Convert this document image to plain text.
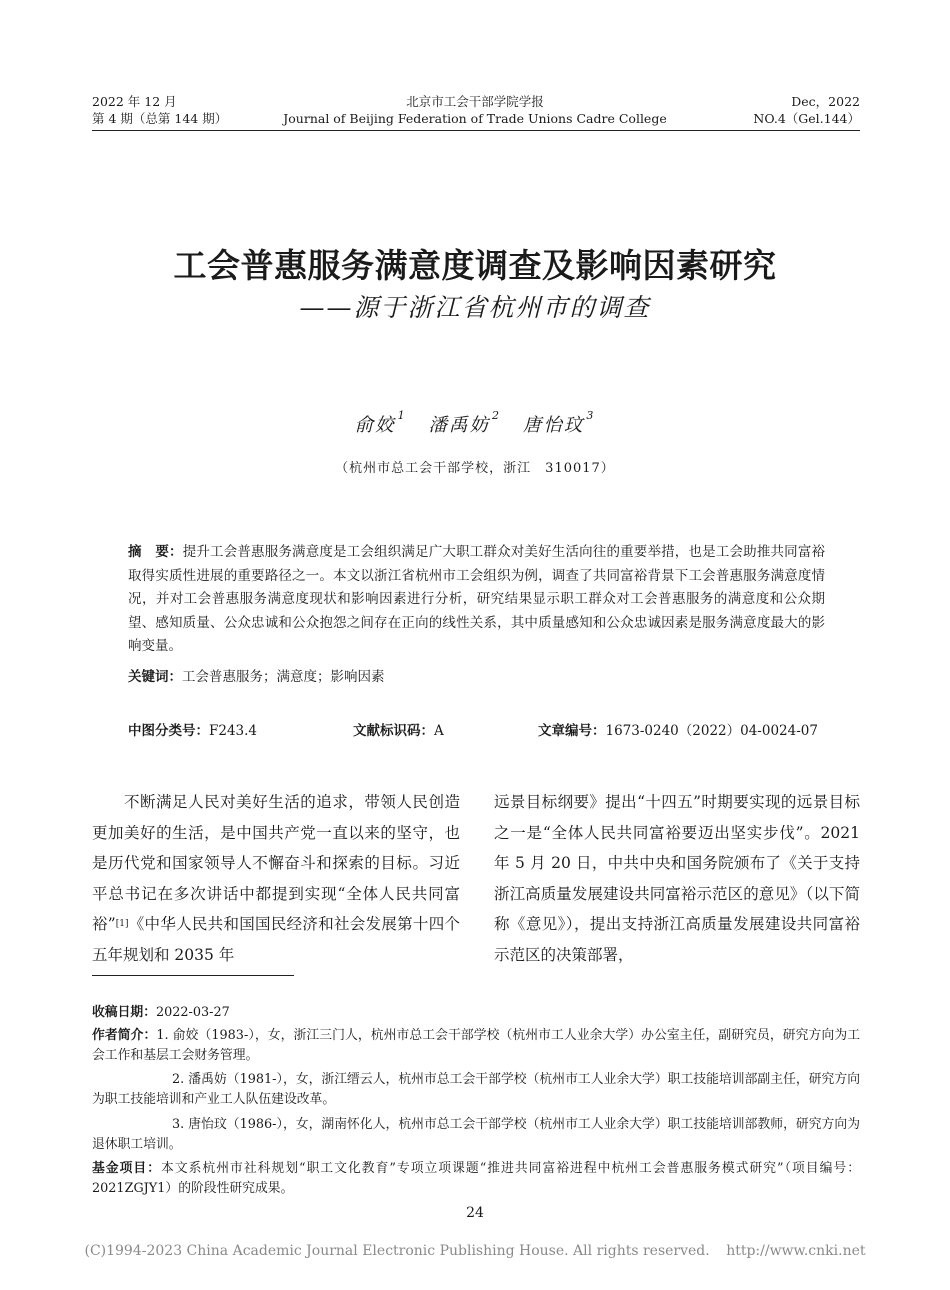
2022 年 12 月
第 4 期（总第 144 期）
北京市工会干部学院学报
Journal of Beijing Federation of Trade Unions Cadre College
Dec，2022
NO.4（Gel.144）
工会普惠服务满意度调查及影响因素研究
——源于浙江省杭州市的调查
俞姣 $^1$ 潘禹妨 $^2$ 唐怡玟 $^3$
（杭州市总工会干部学校，浙江　310017）
摘　要：提升工会普惠服务满意度是工会组织满足广大职工群众对美好生活向往的重要举措，也是工会助推共同富裕取得实质性进展的重要路径之一。本文以浙江省杭州市工会组织为例，调查了共同富裕背景下工会普惠服务满意度情况，并对工会普惠服务满意度现状和影响因素进行分析，研究结果显示职工群众对工会普惠服务的满意度和公众期望、感知质量、公众忠诚和公众抱怨之间存在正向的线性关系，其中质量感知和公众忠诚因素是服务满意度最大的影响变量。
关键词：工会普惠服务；满意度；影响因素
中图分类号：F243.4	文献标识码：A	文章编号：1673-0240（2022）04-0024-07
不断满足人民对美好生活的追求，带领人民创造更加美好的生活，是中国共产党一直以来的坚守，也是历代党和国家领导人不懈奋斗和探索的目标。习近平总书记在多次讲话中都提到实现“全体人民共同富裕”[1]《中华人民共和国国民经济和社会发展第十四个五年规划和 2035 年
远景目标纲要》提出“十四五”时期要实现的远景目标之一是“全体人民共同富裕要迈出坚实步伐”。2021 年 5 月 20 日，中共中央和国务院颁布了《关于支持浙江高质量发展建设共同富裕示范区的意见》（以下简称《意见》），提出支持浙江高质量发展建设共同富裕示范区的决策部署，
收稿日期：2022-03-27
作者简介：1. 俞姣（1983-），女，浙江三门人，杭州市总工会干部学校（杭州市工人业余大学）办公室主任，副研究员，研究方向为工会工作和基层工会财务管理。
2. 潘禹妨（1981-），女，浙江缙云人，杭州市总工会干部学校（杭州市工人业余大学）职工技能培训部副主任，研究方向为职工技能培训和产业工人队伍建设改革。
3. 唐怡玟（1986-），女，湖南怀化人，杭州市总工会干部学校（杭州市工人业余大学）职工技能培训部教师，研究方向为退休职工培训。
基金项目：本文系杭州市社科规划“职工文化教育”专项立项课题“推进共同富裕进程中杭州工会普惠服务模式研究”（项目编号：2021ZGJY1）的阶段性研究成果。
24
(C)1994-2023 China Academic Journal Electronic Publishing House. All rights reserved. http://www.cnki.net
